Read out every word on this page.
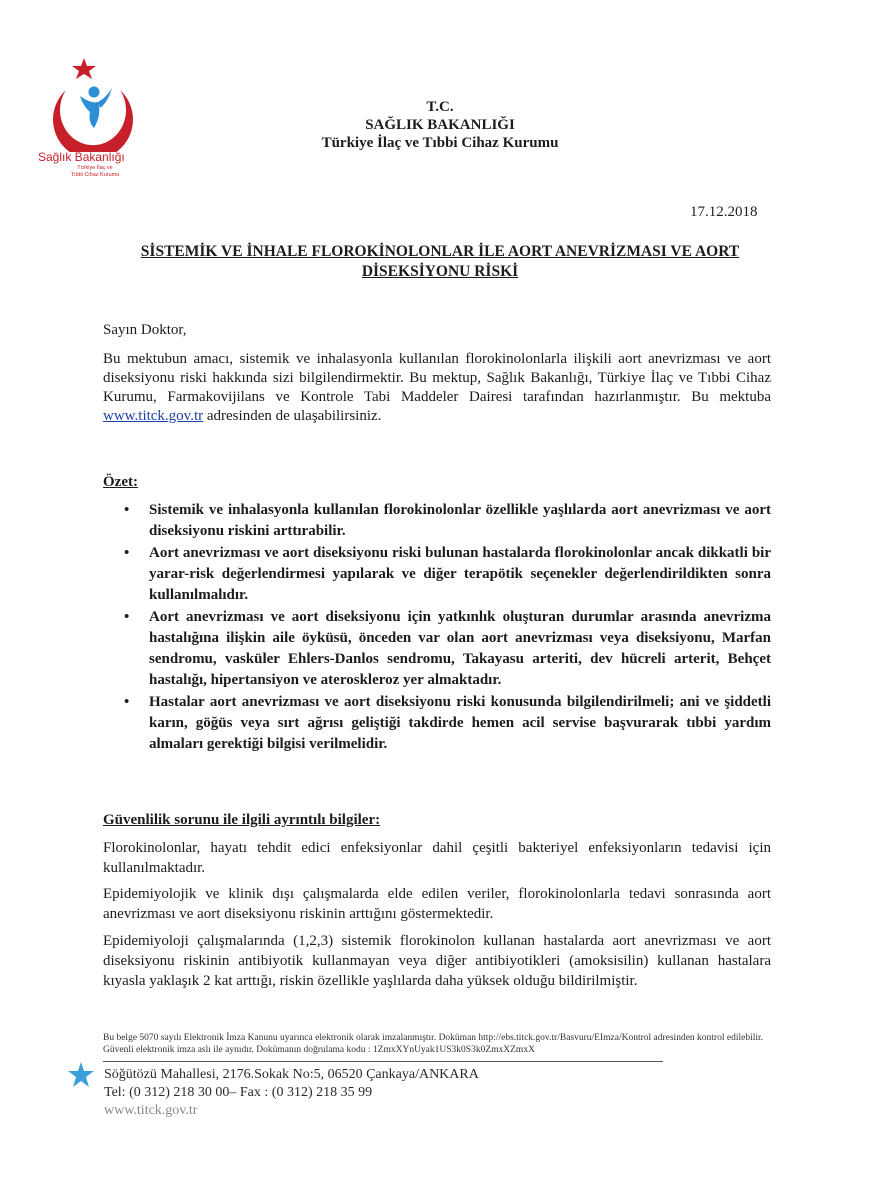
Sağlık Bakanlığı
Türkiye İlaç ve
Tıbbi Cihaz Kurumu
T.C.
SAĞLIK BAKANLIĞI
Türkiye İlaç ve Tıbbi Cihaz Kurumu
17.12.2018
SİSTEMİK VE İNHALE FLOROKİNOLONLAR İLE AORT ANEVRİZMASI VE AORT
DİSEKSİYONU RİSKİ
Sayın Doktor,
Bu mektubun amacı, sistemik ve inhalasyonla kullanılan florokinolonlarla ilişkili aort anevrizması ve aort diseksiyonu riski hakkında sizi bilgilendirmektir. Bu mektup, Sağlık Bakanlığı, Türkiye İlaç ve Tıbbi Cihaz Kurumu, Farmakovijilans ve Kontrole Tabi Maddeler Dairesi tarafından hazırlanmıştır. Bu mektuba www.titck.gov.tr adresinden de ulaşabilirsiniz.
Özet:
• Sistemik ve inhalasyonla kullanılan florokinolonlar özellikle yaşlılarda aort anevrizması ve aort diseksiyonu riskini arttırabilir.
• Aort anevrizması ve aort diseksiyonu riski bulunan hastalarda florokinolonlar ancak dikkatli bir yarar-risk değerlendirmesi yapılarak ve diğer terapötik seçenekler değerlendirildikten sonra kullanılmalıdır.
• Aort anevrizması ve aort diseksiyonu için yatkınlık oluşturan durumlar arasında anevrizma hastalığına ilişkin aile öyküsü, önceden var olan aort anevrizması veya diseksiyonu, Marfan sendromu, vasküler Ehlers-Danlos sendromu, Takayasu arteriti, dev hücreli arterit, Behçet hastalığı, hipertansiyon ve ateroskleroz yer almaktadır.
• Hastalar aort anevrizması ve aort diseksiyonu riski konusunda bilgilendirilmeli; ani ve şiddetli karın, göğüs veya sırt ağrısı geliştiği takdirde hemen acil servise başvurarak tıbbi yardım almaları gerektiği bilgisi verilmelidir.
Güvenlilik sorunu ile ilgili ayrıntılı bilgiler:
Florokinolonlar, hayatı tehdit edici enfeksiyonlar dahil çeşitli bakteriyel enfeksiyonların tedavisi için kullanılmaktadır.
Epidemiyolojik ve klinik dışı çalışmalarda elde edilen veriler, florokinolonlarla tedavi sonrasında aort anevrizması ve aort diseksiyonu riskinin arttığını göstermektedir.
Epidemiyoloji çalışmalarında (1,2,3) sistemik florokinolon kullanan hastalarda aort anevrizması ve aort diseksiyonu riskinin antibiyotik kullanmayan veya diğer antibiyotikleri (amoksisilin) kullanan hastalara kıyasla yaklaşık 2 kat arttığı, riskin özellikle yaşlılarda daha yüksek olduğu bildirilmiştir.
Bu belge 5070 sayılı Elektronik İmza Kanunu uyarınca elektronik olarak imzalanmıştır. Doküman http://ebs.titck.gov.tr/Basvuru/EImza/Kontrol adresinden kontrol edilebilir. Güvenli elektronik imza aslı ile aynıdır. Dokümanın doğrulama kodu : 1ZmxXYnUyak1US3k0S3k0ZmxXZmxX
Söğütözü Mahallesi, 2176.Sokak No:5, 06520 Çankaya/ANKARA
Tel: (0 312) 218 30 00– Fax : (0 312) 218 35 99
www.titck.gov.tr
